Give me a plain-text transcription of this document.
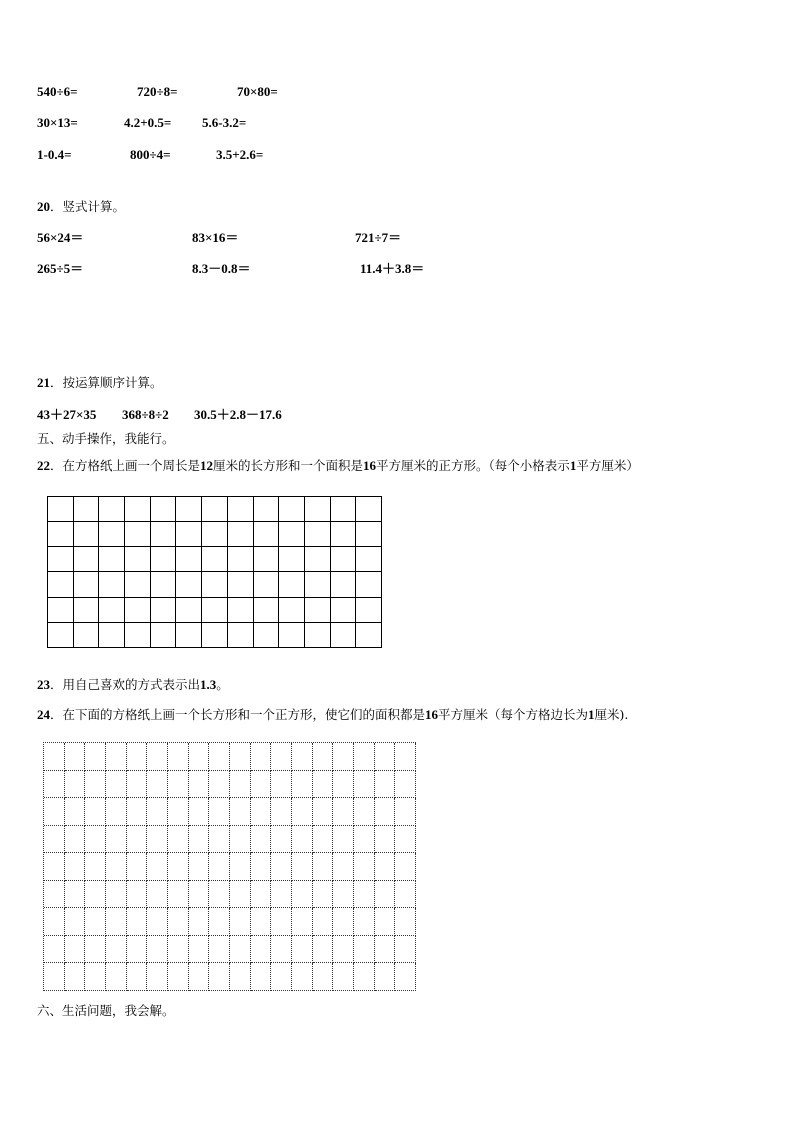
540÷6=	720÷8=	70×80=
30×13=	4.2+0.5= 5.6-3.2=
1-0.4=	800÷4=	3.5+2.6=
20．竖式计算。
56×24＝	83×16＝	721÷7＝
265÷5＝	8.3－0.8＝	11.4＋3.8＝
21．按运算顺序计算。
43＋27×35 368÷8÷2 30.5＋2.8－17.6
五、动手操作，我能行。
22．在方格纸上画一个周长是12厘米的长方形和一个面积是16平方厘米的正方形。（每个小格表示1平方厘米）
23．用自己喜欢的方式表示出1.3。
24．在下面的方格纸上画一个长方形和一个正方形，使它们的面积都是16平方厘米（每个方格边长为1厘米).
六、生活问题，我会解。
